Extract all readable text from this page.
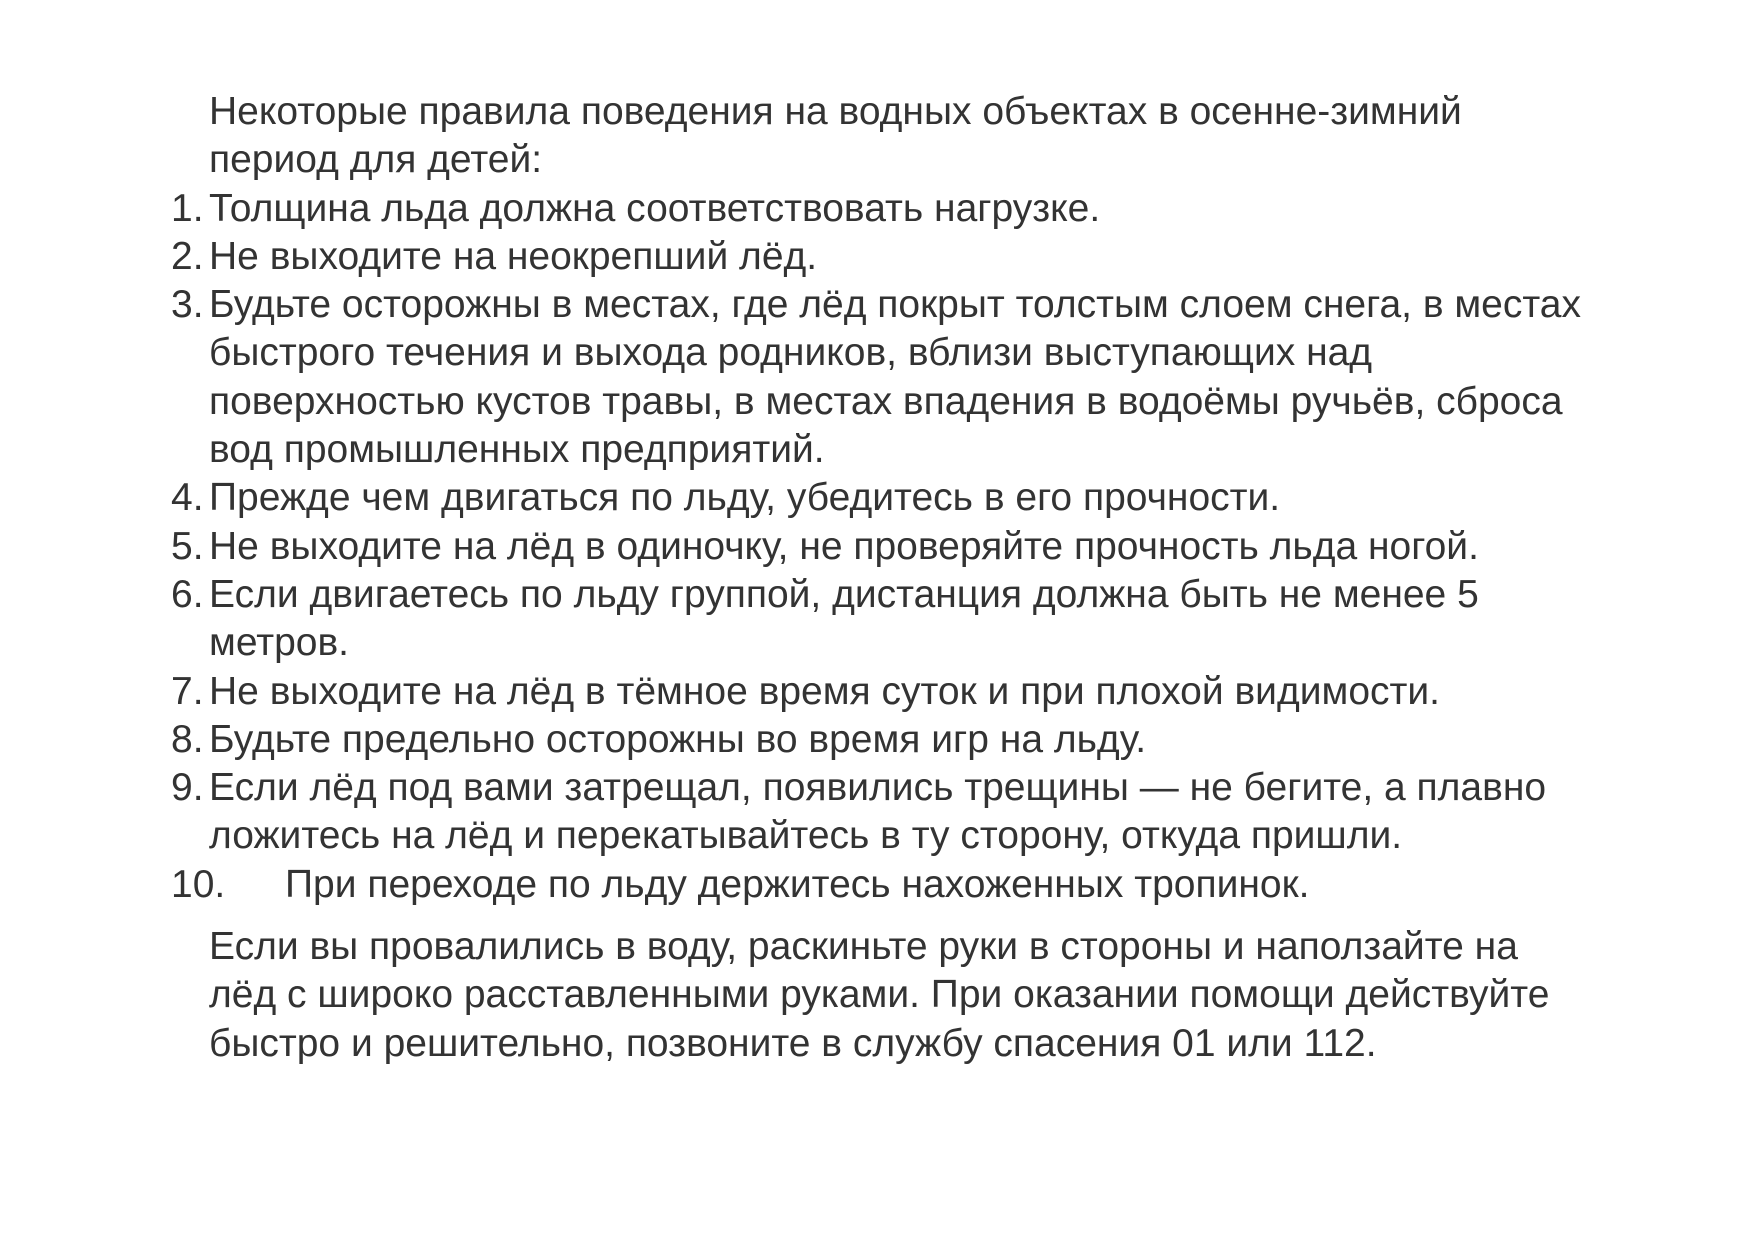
Некоторые правила поведения на водных объектах в осенне-зимний
период для детей:
1. Толщина льда должна соответствовать нагрузке.
2. Не выходите на неокрепший лёд.
3. Будьте осторожны в местах, где лёд покрыт толстым слоем снега, в местах
быстрого течения и выхода родников, вблизи выступающих над
поверхностью кустов травы, в местах впадения в водоёмы ручьёв, сброса
вод промышленных предприятий.
4. Прежде чем двигаться по льду, убедитесь в его прочности.
5. Не выходите на лёд в одиночку, не проверяйте прочность льда ногой.
6. Если двигаетесь по льду группой, дистанция должна быть не менее 5
метров.
7. Не выходите на лёд в тёмное время суток и при плохой видимости.
8. Будьте предельно осторожны во время игр на льду.
9. Если лёд под вами затрещал, появились трещины — не бегите, а плавно
ложитесь на лёд и перекатывайтесь в ту сторону, откуда пришли.
10. При переходе по льду держитесь нахоженных тропинок.
Если вы провалились в воду, раскиньте руки в стороны и наползайте на
лёд с широко расставленными руками. При оказании помощи действуйте
быстро и решительно, позвоните в службу спасения 01 или 112.
